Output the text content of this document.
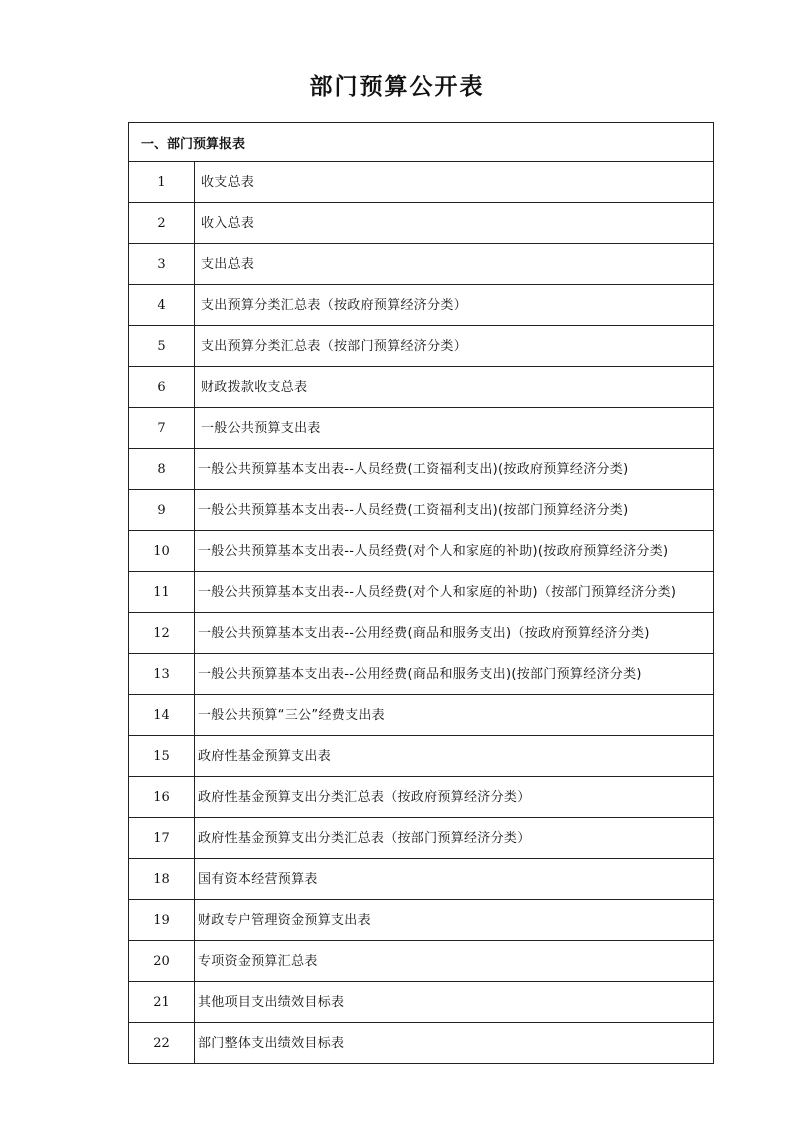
部门预算公开表
一、部门预算报表	
1	收支总表
2	收入总表
3	支出总表
4	支出预算分类汇总表（按政府预算经济分类）
5	支出预算分类汇总表（按部门预算经济分类）
6	财政拨款收支总表
7	一般公共预算支出表
8	一般公共预算基本支出表--人员经费(工资福利支出)(按政府预算经济分类)
9	一般公共预算基本支出表--人员经费(工资福利支出)(按部门预算经济分类)
10	一般公共预算基本支出表--人员经费(对个人和家庭的补助)(按政府预算经济分类)
11	一般公共预算基本支出表--人员经费(对个人和家庭的补助)（按部门预算经济分类)
12	一般公共预算基本支出表--公用经费(商品和服务支出)（按政府预算经济分类)
13	一般公共预算基本支出表--公用经费(商品和服务支出)(按部门预算经济分类)
14	一般公共预算“三公”经费支出表
15	政府性基金预算支出表
16	政府性基金预算支出分类汇总表（按政府预算经济分类）
17	政府性基金预算支出分类汇总表（按部门预算经济分类）
18	国有资本经营预算表
19	财政专户管理资金预算支出表
20	专项资金预算汇总表
21	其他项目支出绩效目标表
22	部门整体支出绩效目标表
